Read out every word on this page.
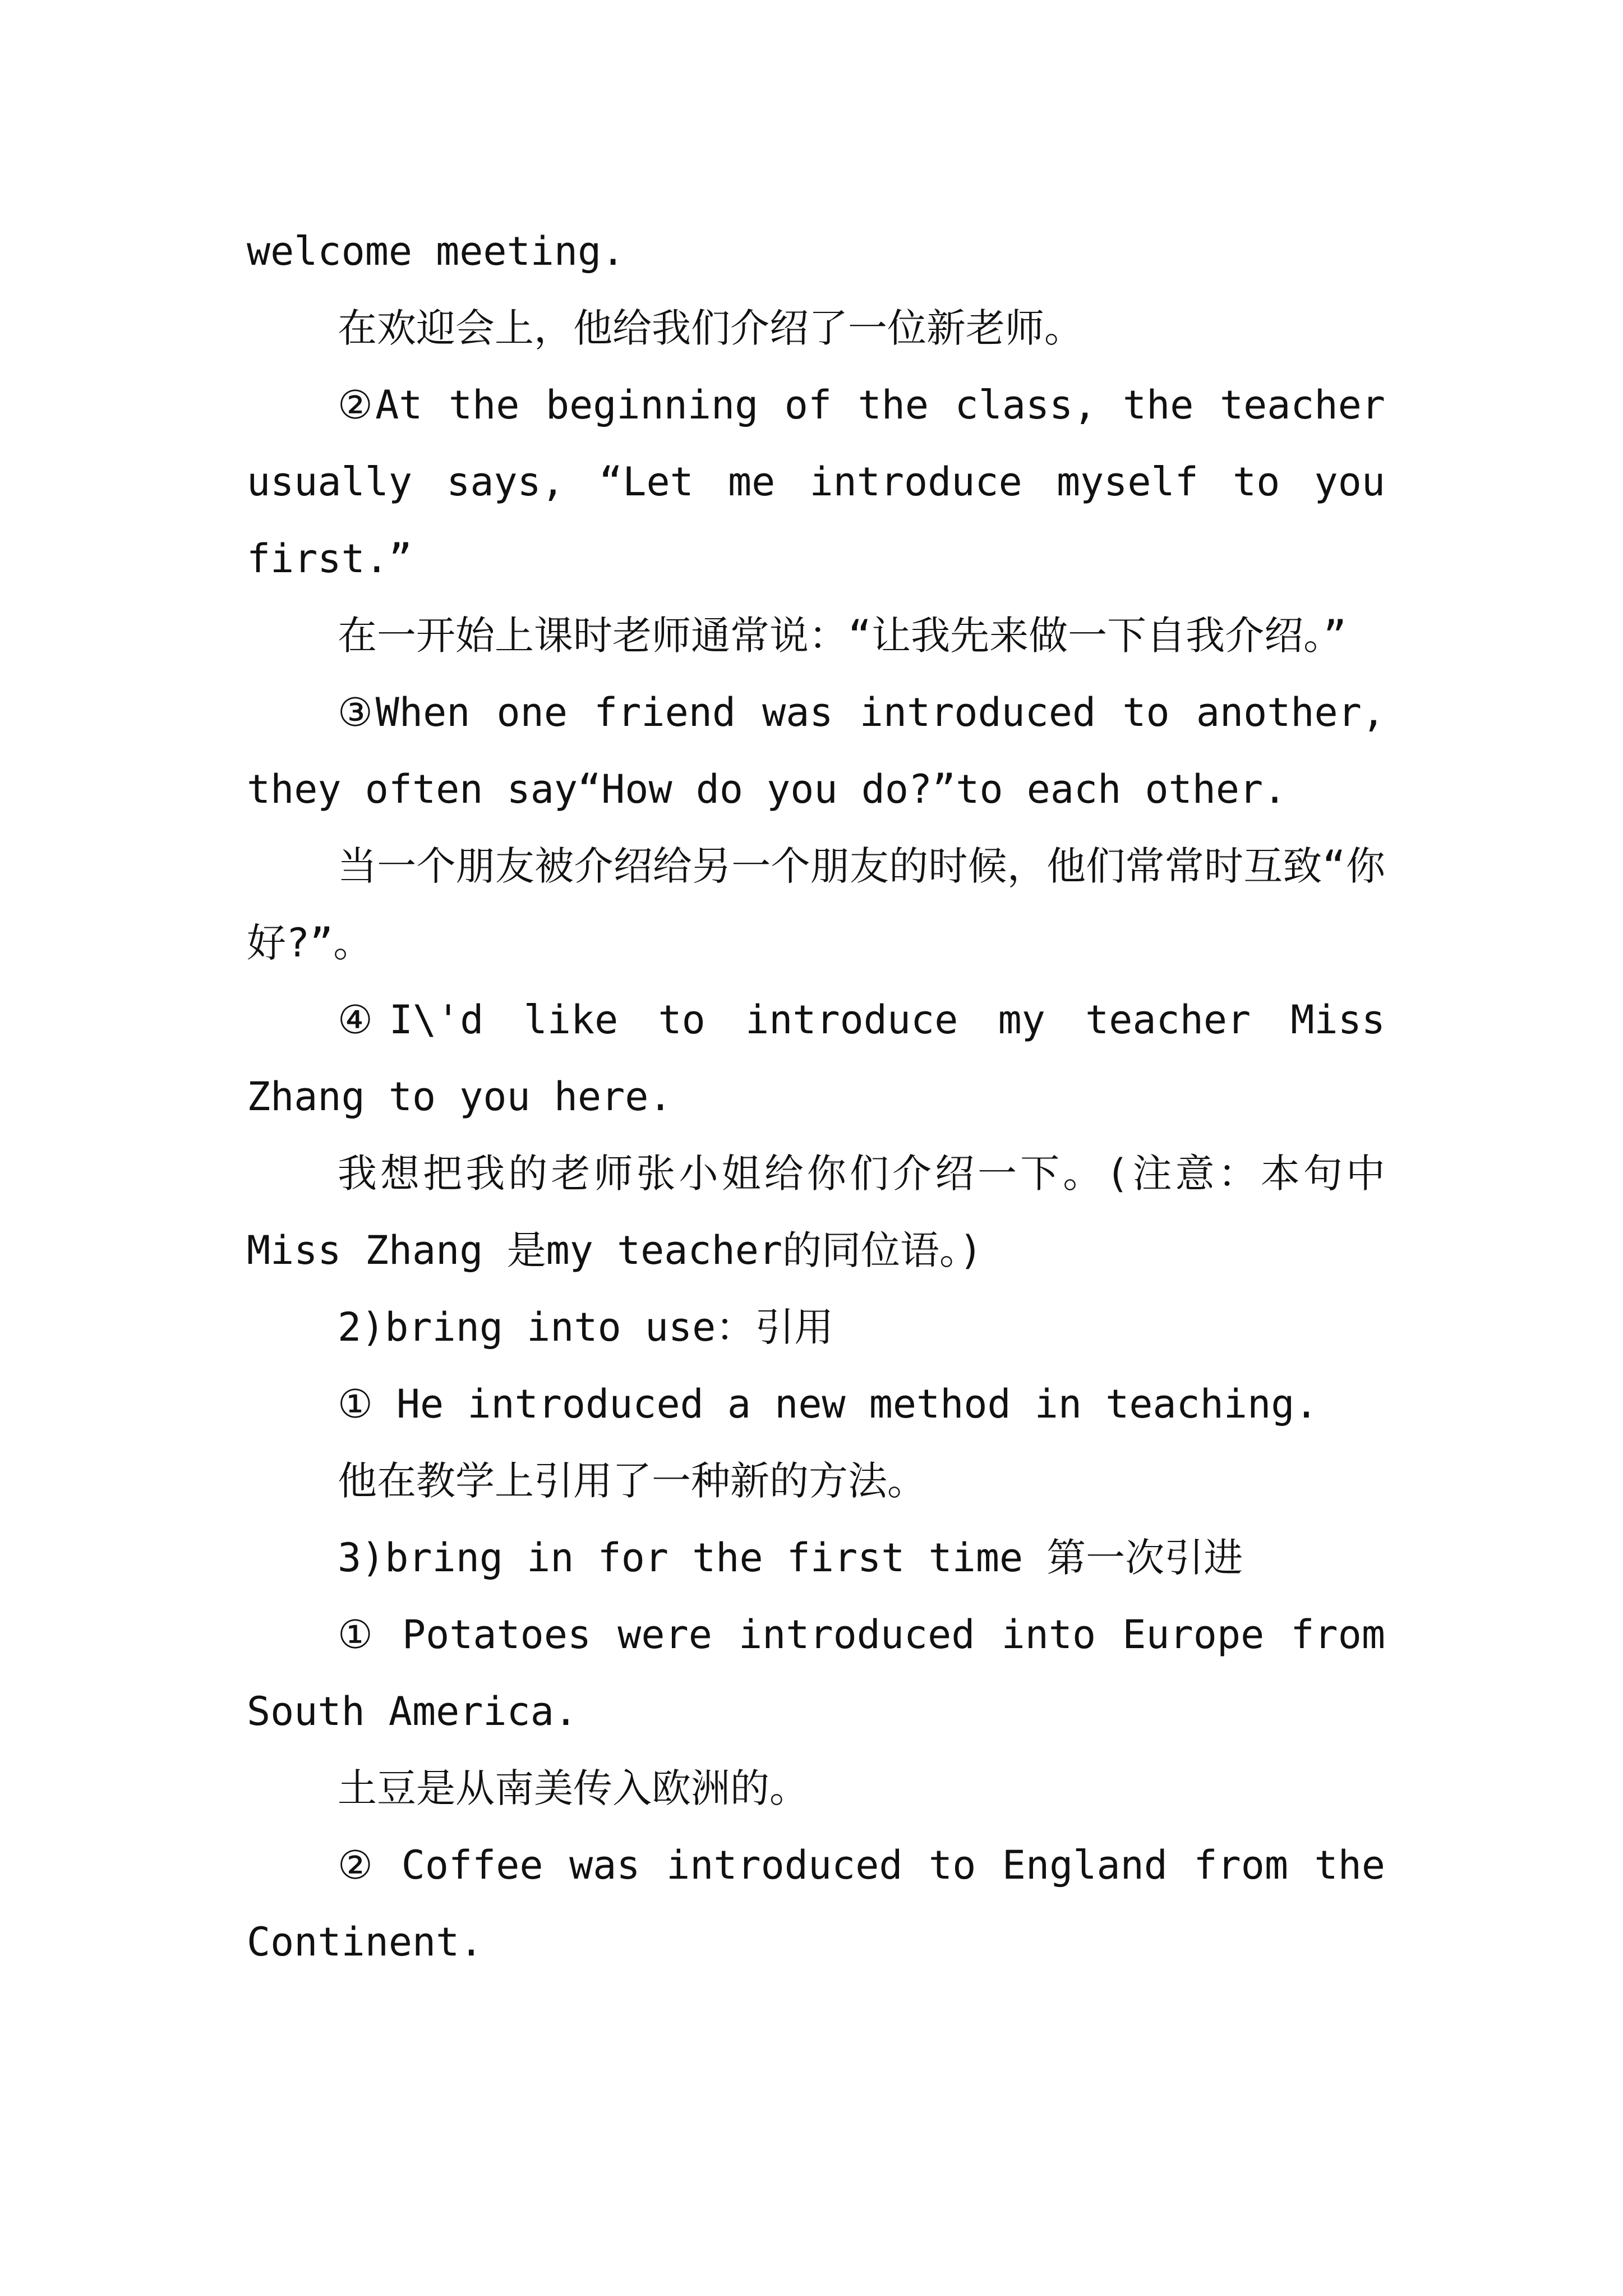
welcome meeting.

在欢迎会上，他给我们介绍了一位新老师。

②At the beginning of the class, the teacher usually says, “Let me introduce myself to you first.”

在一开始上课时老师通常说：“让我先来做一下自我介绍。”

③When one friend was introduced to another, they often say“How do you do?”to each other.

当一个朋友被介绍给另一个朋友的时候，他们常常时互致“你好?”。

④I\'d like to introduce my teacher Miss Zhang to you here.

我想把我的老师张小姐给你们介绍一下。(注意：本句中 Miss Zhang 是my teacher的同位语。)

2)bring into use：引用

① He introduced a new method in teaching.

他在教学上引用了一种新的方法。

3)bring in for the first time 第一次引进

① Potatoes were introduced into Europe from South America.

土豆是从南美传入欧洲的。

② Coffee was introduced to England from the Continent.
